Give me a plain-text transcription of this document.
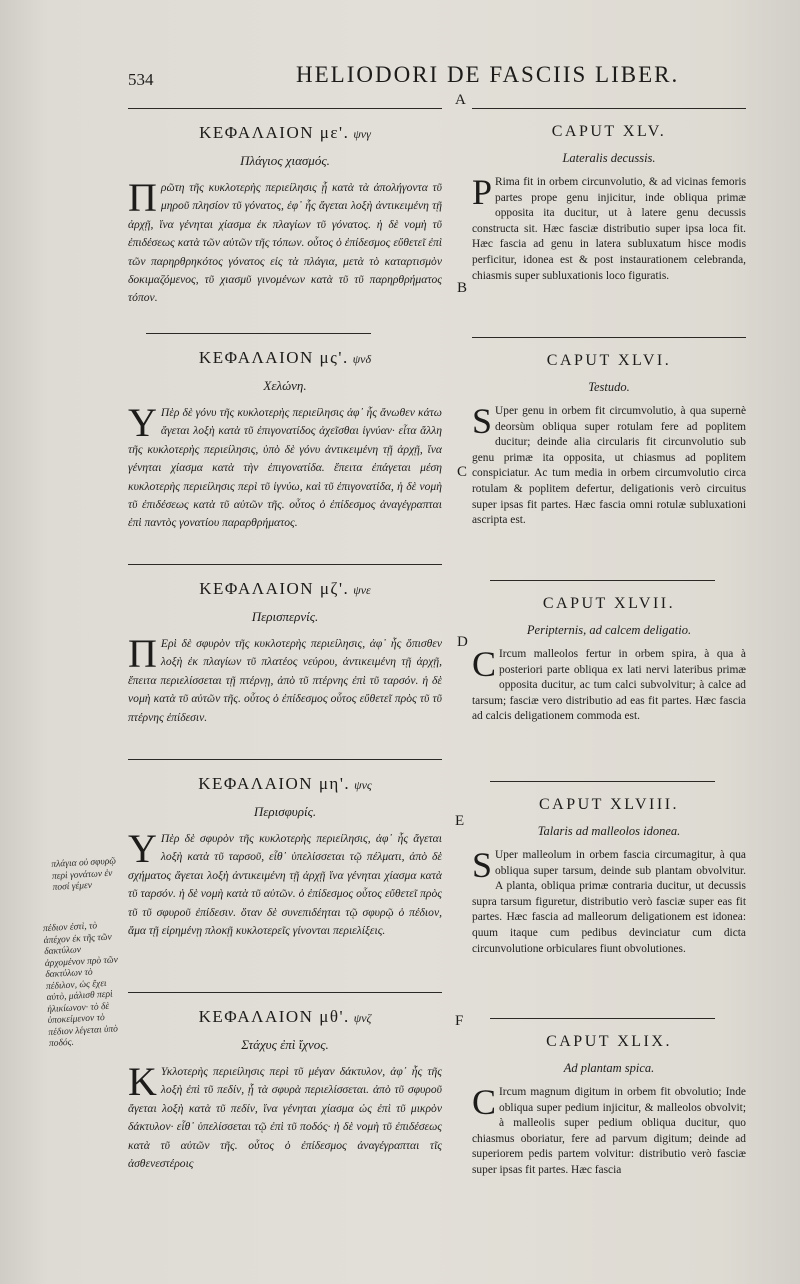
534	HELIODORI DE FASCIIS LIBER.
A
B
C
D
E
F
ΚΕΦΑΛΑΙΟΝ με'. ψνγ
Πλάγιος χιασμός.
Πρῶτη τῆς κυκλοτερὴς περιείλησις ᾗ κατὰ τὰ ἀπολήγοντα τῦ μηροῦ πλησίον τῦ γόνατος, ἐφ᾽ ἧς ἄγεται λοξὴ ἀντικειμένη τῇ ἀρχῇ, ἵνα γένηται χίασμα ἐκ πλαγίων τῦ γόνατος. ἡ δὲ νομὴ τῦ ἐπιδέσεως κατὰ τῶν αὐτῶν τῆς τόπων. οὗτος ὁ ἐπίδεσμος εὔθετεῖ ἐπὶ τῶν παρηρθρηκότος γόνατος εἰς τὰ πλάγια, μετὰ τὸ καταρτισμὸν δοκιμαζόμενος, τῦ χιασμῦ γινομένων κατὰ τῦ τῦ παρηρθρήματος τόπον.
ΚΕΦΑΛΑΙΟΝ μς'. ψνδ
Χελώνη.
Υ Πὲρ δὲ γόνυ τῆς κυκλοτερὴς περιείλησις ἀφ᾽ ἧς ἄνωθεν κάτω ἄγεται λοξὴ κατὰ τῦ ἐπιγονατίδος ἀχεῖσθαι ἰγνύαν· εἶτα ἄλλη τῆς κυκλοτερὴς περιείλησις, ὑπὸ δὲ γόνυ ἀντικειμένη τῇ ἀρχῇ, ἵνα γένηται χίασμα κατὰ τὴν ἐπιγονατίδα. ἔπειτα ἐπάγεται μέση κυκλοτερὴς περιείλησις περὶ τῦ ἰγνύω, καὶ τῦ ἐπιγονατίδα, ἡ δὲ νομὴ τῦ ἐπιδέσεως κατὰ τῦ αὐτῶν τῆς. οὗτος ὁ ἐπίδεσμος ἀναγέγραπται ἐπὶ παντὸς γονατίου παραρθρήματος.
ΚΕΦΑΛΑΙΟΝ μζ'. ψνε
Περισπερνίς.
Π Ερὶ δὲ σφυρὸν τῆς κυκλοτερὴς περιείλησις, ἀφ᾽ ἧς ὄπισθεν λοξὴ ἐκ πλαγίων τῦ πλατέος νεύρου, ἀντικειμένη τῇ ἀρχῇ, ἔπειτα περιελίσσεται τῇ πτέρνῃ, ἀπὸ τῦ πτέρνης ἐπὶ τῦ ταρσόν. ἡ δὲ νομὴ κατὰ τῦ αὐτῶν τῆς. οὗτος ὁ ἐπίδεσμος οὗτος εὔθετεῖ πρὸς τῦ τῦ πτέρνης ἐπίδεσιν.
ΚΕΦΑΛΑΙΟΝ μη'. ψνς
Περισφυρίς.
Υ Πὲρ δὲ σφυρὸν τῆς κυκλοτερὴς περιείλησις, ἀφ᾽ ἧς ἄγεται λοξὴ κατὰ τῦ ταρσοῦ, εἶθ᾽ ὑπελίσσεται τῷ πέλματι, ἀπὸ δὲ σχήματος ἄγεται λοξὴ ἀντικειμένη τῇ ἀρχῇ ἵνα γένηται χίασμα κατὰ τῦ ταρσόν. ἡ δὲ νομὴ κατὰ τῦ αὐτῶν. ὁ ἐπίδεσμος οὗτος εὔθετεῖ πρὸς τῦ τῦ σφυροῦ ἐπίδεσιν. ὅταν δὲ συνεπιδέηται τῷ σφυρῷ ὁ πέδιον, ἅμα τῇ εἰρημένῃ πλοκῇ κυκλοτερεῖς γίνονται περιελίξεις.
ΚΕΦΑΛΑΙΟΝ μθ'. ψνζ
Στάχυς ἐπὶ ἴχνος.
Κ Υκλοτερὴς περιείλησις περὶ τῦ μέγαν δάκτυλον, ἀφ᾽ ἧς τῆς λοξὴ ἐπὶ τῦ πεδίν, ᾗ τὰ σφυρὰ περιελίσσεται. ἀπὸ τῦ σφυροῦ ἄγεται λοξὴ κατὰ τῦ πεδίν, ἵνα γένηται χίασμα ὡς ἐπὶ τῦ μικρὸν δάκτυλον· εἶθ᾽ ὑπελίσσεται τῷ ἐπὶ τῦ ποδός· ἡ δὲ νομὴ τῦ ἐπιδέσεως κατὰ τῦ αὐτῶν τῆς. οὗτος ὁ ἐπίδεσμος ἀναγέγραπται τῖς ἀσθενεστέροις
CAPUT XLV.
Lateralis decussis.
P Rima fit in orbem circunvolutio, & ad vicinas femoris partes prope genu injicitur, inde obliqua primæ opposita ita ducitur, ut à latere genu decussis constructa sit. Hæc fasciæ distributio super ipsa loca fit. Hæc fascia ad genu in latera subluxatum hisce modis perficitur, idonea est & post instaurationem celebranda, chiasmis super subluxationis loco figuratis.
CAPUT XLVI.
Testudo.
S Uper genu in orbem fit circumvolutio, à qua supernè deorsùm obliqua super rotulam fere ad poplitem ducitur; deinde alia circularis fit circunvolutio sub genu primæ ita opposita, ut chiasmus ad poplitem conspiciatur. Ac tum media in orbem circumvolutio circa rotulam & poplitem defertur, deligationis verò circuitus super ipsas fit partes. Hæc fascia omni rotulæ subluxationi ascripta est.
CAPUT XLVII.
Peripternis, ad calcem deligatio.
C Ircum malleolos fertur in orbem spira, à qua à posteriori parte obliqua ex lati nervi lateribus primæ opposita ducitur, ac tum calci subvolvitur; à calce ad tarsum; fasciæ vero distributio ad eas fit partes. Hæc fascia ad calcis deligationem commoda est.
CAPUT XLVIII.
Talaris ad malleolos idonea.
S Uper malleolum in orbem fascia circumagitur, à qua obliqua super tarsum, deinde sub plantam obvolvitur. A planta, obliqua primæ contraria ducitur, ut decussis supra tarsum figuretur, distributio verò fasciæ super eas fit partes. Hæc fascia ad malleorum deligationem est idonea: quum itaque cum pedibus devinciatur cum dicta circunvolutione orbiculares fiunt obvolutiones.
CAPUT XLIX.
Ad plantam spica.
C Ircum magnum digitum in orbem fit obvolutio; Inde obliqua super pedium injicitur, & malleolos obvolvit; à malleolis super pedium obliqua ducitur, quo chiasmus oboriatur, fere ad parvum digitum; deinde ad superiorem pedis partem volvitur: distributio verò fasciæ super ipsas fit partes. Hæc fascia
πλάγια οὐ σφυρῷ περὶ γονάτων ἐν ποσί γέμεν
πέδιον ἐστὶ, τὸ ἀπέχον ἐκ τῆς τῶν δακτύλων ἀρχομένον πρὸ τῶν δακτύλων τὸ πέδιλον, ὡς ἔχει αὐτὸ, μάλισθ περὶ ἡλικίωνον· τὸ δὲ ὑποκείμενον τὸ πέδιον λέγεται ὑπὸ ποδός.
